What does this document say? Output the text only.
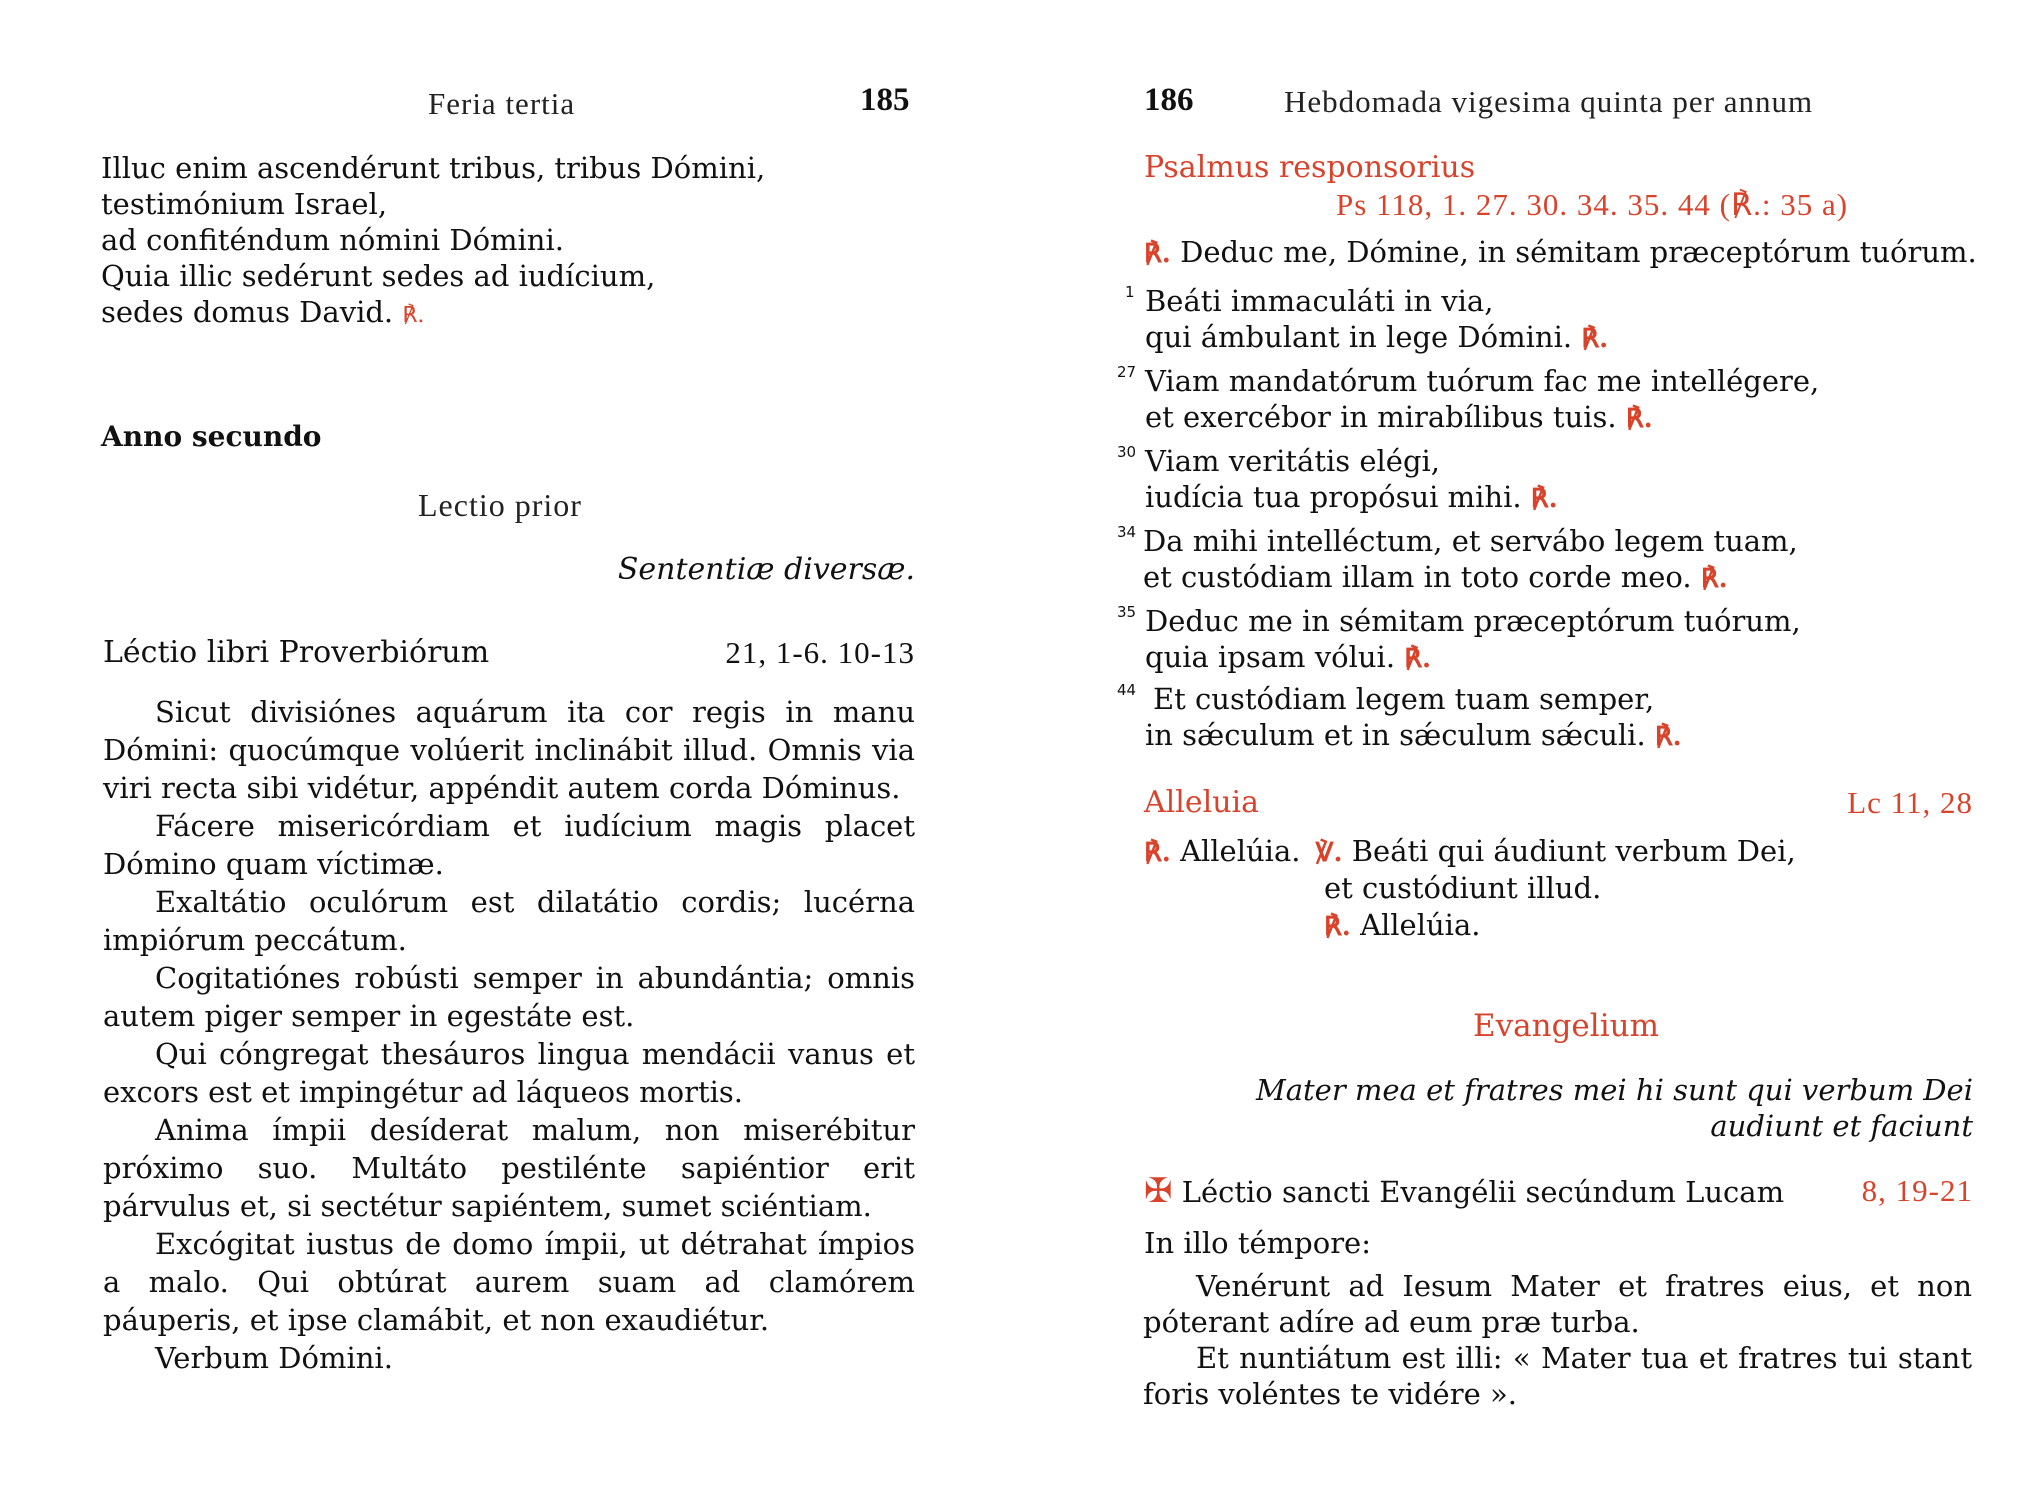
Feria tertia	185
Illuc enim ascendérunt tribus, tribus Dómini,
testimónium Israel,
ad confiténdum nómini Dómini.
Quia illic sedérunt sedes ad iudícium,
sedes domus David. ℟.
Anno secundo
Lectio prior
Sententiæ diversæ.
Léctio libri Proverbiórum	21, 1-6. 10-13

Sicut divisiónes aquárum ita cor regis in manu Dómini: quocúmque volúerit inclinábit illud. Omnis via viri recta sibi vidétur, appéndit autem corda Dóminus.

Fácere misericórdiam et iudícium magis placet Dómino quam víctimæ.

Exaltátio oculórum est dilatátio cordis; lucérna impiórum peccátum.

Cogitatiónes robústi semper in abundántia; omnis autem piger semper in egestáte est.

Qui cóngregat thesáuros lingua mendácii vanus et excors est et impingétur ad láqueos mortis.

Anima ímpii desíderat malum, non miserébitur próximo suo. Multáto pestilénte sapiéntior erit párvulus et, si sectétur sapiéntem, sumet sciéntiam.

Excógitat iustus de domo ímpii, ut détrahat ímpios a malo. Qui obtúrat aurem suam ad clamórem páuperis, et ipse clamábit, et non exaudiétur.

Verbum Dómini.

186	Hebdomada vigesima quinta per annum
Psalmus responsorius
Ps 118, 1. 27. 30. 34. 35. 44 (℟.: 35 a)
℟. Deduc me, Dómine, in sémitam præceptórum tuórum.
1 Beáti immaculáti in via,
qui ámbulant in lege Dómini. ℟.
27 Viam mandatórum tuórum fac me intellégere,
et exercébor in mirabílibus tuis. ℟.
30 Viam veritátis elégi,
iudícia tua propósui mihi. ℟.
34 Da mihi intelléctum, et servábo legem tuam,
et custódiam illam in toto corde meo. ℟.
35 Deduc me in sémitam præceptórum tuórum,
quia ipsam vólui. ℟.
44 Et custódiam legem tuam semper,
in sǽculum et in sǽculum sǽculi. ℟.
Alleluia	Lc 11, 28
℟. Allelúia. ℣. Beáti qui áudiunt verbum Dei,
et custódiunt illud.
℟. Allelúia.
Evangelium
Mater mea et fratres mei hi sunt qui verbum Dei
audiunt et faciunt
✠ Léctio sancti Evangélii secúndum Lucam	8, 19-21
In illo témpore:

Venérunt ad Iesum Mater et fratres eius, et non póterant adíre ad eum præ turba.

Et nuntiátum est illi: « Mater tua et fratres tui stant foris voléntes te vidére ».
